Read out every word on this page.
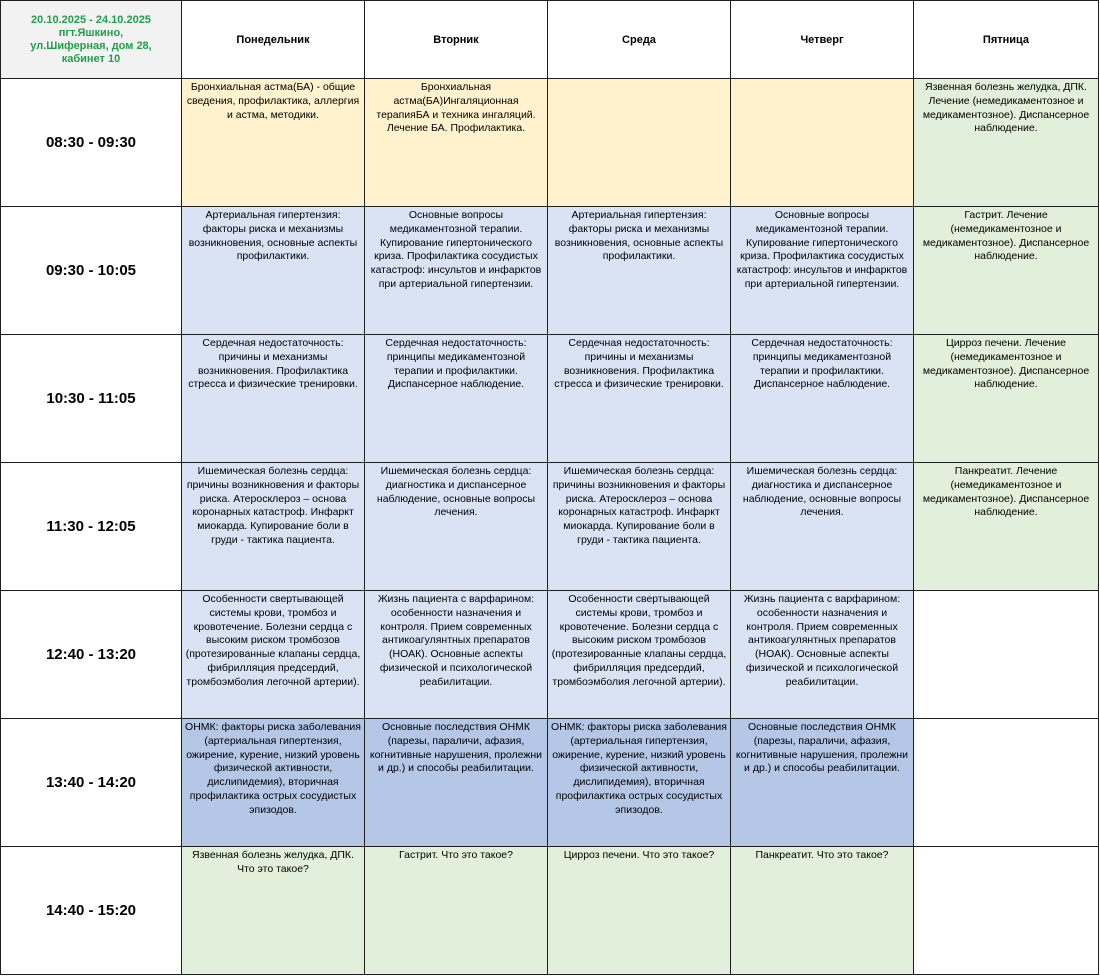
20.10.2025 - 24.10.2025
пгт.Яшкино,
ул.Шиферная, дом 28,
кабинет 10	Понедельник	Вторник	Среда	Четверг	Пятница
08:30 - 09:30	Бронхиальная астма(БА) - общие сведения, профилактика, аллергия и астма, методики.	Бронхиальная астма(БА)Ингаляционная терапияБА и техника ингаляций. Лечение БА. Профилактика.			Язвенная болезнь желудка, ДПК. Лечение (немедикаментозное и медикаментозное). Диспансерное наблюдение.

09:30 - 10:05	Артериальная гипертензия: факторы риска и механизмы возникновения, основные аспекты профилактики.	Основные вопросы медикаментозной терапии. Купирование гипертонического криза. Профилактика сосудистых катастроф: инсультов и инфарктов при артериальной гипертензии.	Артериальная гипертензия: факторы риска и механизмы возникновения, основные аспекты профилактики.	Основные вопросы медикаментозной терапии. Купирование гипертонического криза. Профилактика сосудистых катастроф: инсультов и инфарктов при артериальной гипертензии.	Гастрит. Лечение (немедикаментозное и медикаментозное). Диспансерное наблюдение.

10:30 - 11:05	Сердечная недостаточность: причины и механизмы возникновения. Профилактика стресса и физические тренировки.	Сердечная недостаточность: принципы медикаментозной терапии и профилактики. Диспансерное наблюдение.	Сердечная недостаточность: причины и механизмы возникновения. Профилактика стресса и физические тренировки.	Сердечная недостаточность: принципы медикаментозной терапии и профилактики. Диспансерное наблюдение.	Цирроз печени. Лечение (немедикаментозное и медикаментозное). Диспансерное наблюдение.

11:30 - 12:05	Ишемическая болезнь сердца: причины возникновения и факторы риска. Атеросклероз – основа коронарных катастроф. Инфаркт миокарда. Купирование боли в груди - тактика пациента.	Ишемическая болезнь сердца: диагностика и диспансерное наблюдение, основные вопросы лечения.	Ишемическая болезнь сердца: причины возникновения и факторы риска. Атеросклероз – основа коронарных катастроф. Инфаркт миокарда. Купирование боли в груди - тактика пациента.	Ишемическая болезнь сердца: диагностика и диспансерное наблюдение, основные вопросы лечения.	Панкреатит. Лечение (немедикаментозное и медикаментозное). Диспансерное наблюдение.

12:40 - 13:20	Особенности свертывающей системы крови, тромбоз и кровотечение. Болезни сердца с высоким риском тромбозов (протезированные клапаны сердца, фибрилляция предсердий, тромбоэмболия легочной артерии).	Жизнь пациента с варфарином: особенности назначения и контроля. Прием современных антикоагулянтных препаратов (НОАК). Основные аспекты физической и психологической реабилитации.	Особенности свертывающей системы крови, тромбоз и кровотечение. Болезни сердца с высоким риском тромбозов (протезированные клапаны сердца, фибрилляция предсердий, тромбоэмболия легочной артерии).	Жизнь пациента с варфарином: особенности назначения и контроля. Прием современных антикоагулянтных препаратов (НОАК). Основные аспекты физической и психологической реабилитации.	

13:40 - 14:20	ОНМК: факторы риска заболевания (артериальная гипертензия, ожирение, курение, низкий уровень физической активности, дислипидемия), вторичная профилактика острых сосудистых эпизодов.	Основные последствия ОНМК (парезы, параличи, афазия, когнитивные нарушения, пролежни и др.) и способы реабилитации.	ОНМК: факторы риска заболевания (артериальная гипертензия, ожирение, курение, низкий уровень физической активности, дислипидемия), вторичная профилактика острых сосудистых эпизодов.	Основные последствия ОНМК (парезы, параличи, афазия, когнитивные нарушения, пролежни и др.) и способы реабилитации.	

14:40 - 15:20	Язвенная болезнь желудка, ДПК. Что это такое?	Гастрит. Что это такое?	Цирроз печени. Что это такое?	Панкреатит. Что это такое?	
